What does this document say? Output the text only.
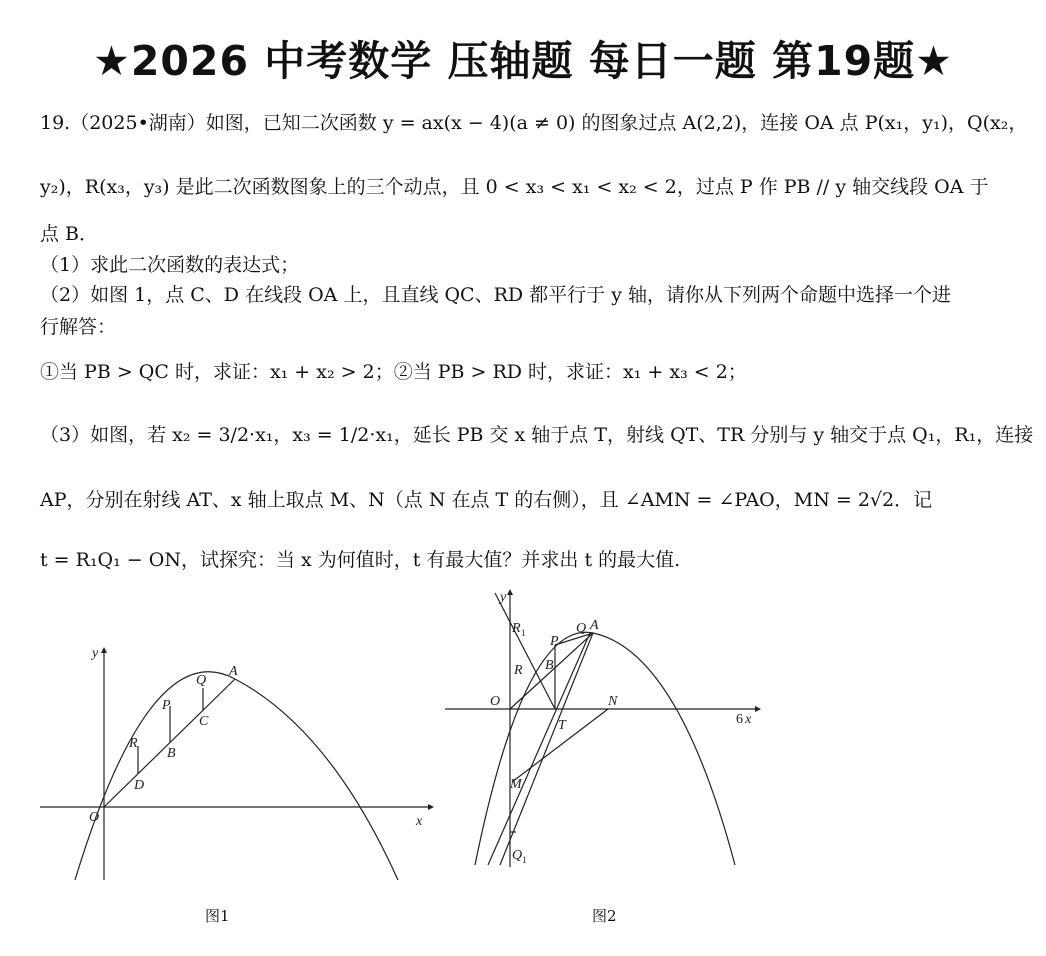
★2026 中考数学 压轴题 每日一题 第19题★
19.（2025•湖南）如图，已知二次函数 y = ax(x − 4)(a ≠ 0) 的图象过点 A(2,2)，连接 OA 点 P(x₁，y₁)，Q(x₂，
y₂)，R(x₃，y₃) 是此二次函数图象上的三个动点，且 0 < x₃ < x₁ < x₂ < 2，过点 P 作 PB // y 轴交线段 OA 于
点 B．
（1）求此二次函数的表达式；
（2）如图 1，点 C、D 在线段 OA 上，且直线 QC、RD 都平行于 y 轴，请你从下列两个命题中选择一个进
行解答：
①当 PB > QC 时，求证：x₁ + x₂ > 2；②当 PB > RD 时，求证：x₁ + x₃ < 2；
（3）如图，若 x₂ = 3/2·x₁，x₃ = 1/2·x₁，延长 PB 交 x 轴于点 T，射线 QT、TR 分别与 y 轴交于点 Q₁，R₁，连接
AP，分别在射线 AT、x 轴上取点 M、N（点 N 在点 T 的右侧），且 ∠AMN = ∠PAO，MN = 2√2．记
t = R₁Q₁ − ON，试探究：当 x 为何值时，t 有最大值？并求出 t 的最大值.
x
y
O
A
P
Q
R
B
C
D
图1
x
y
6
O
A
Q
P
B
R
R 1
T
N
M
Q 1
图2
